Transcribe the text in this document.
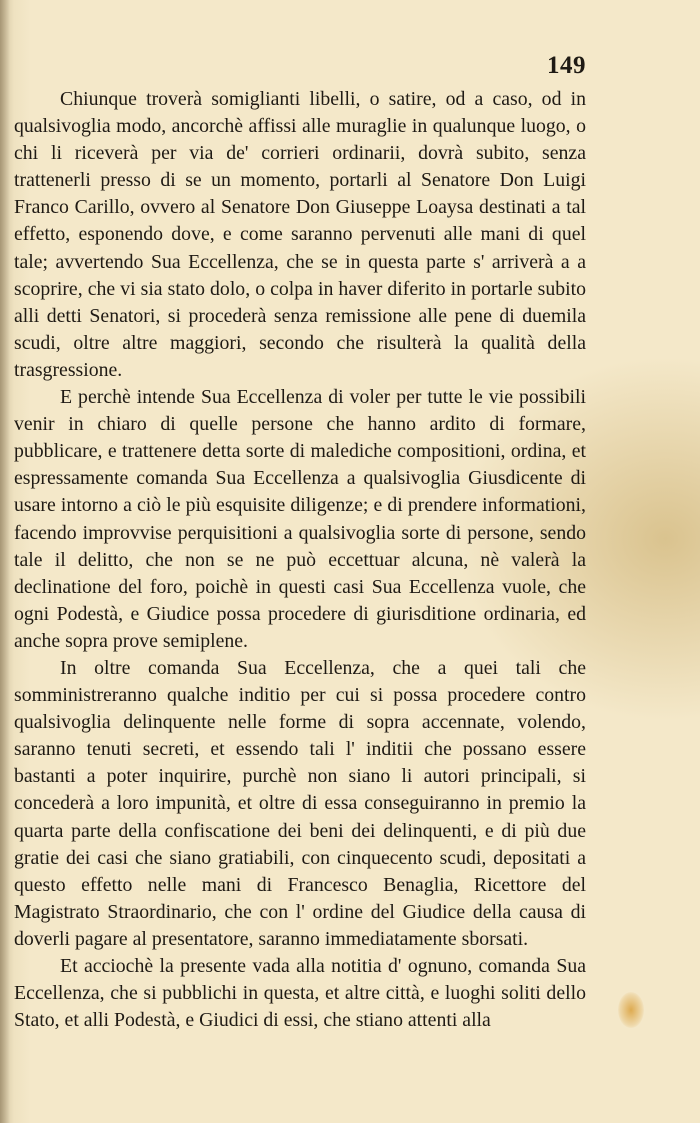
149

Chiunque troverà somiglianti libelli, o satire, od a caso, od in qualsivoglia modo, ancorchè affissi alle muraglie in qualunque luogo, o chi li riceverà per via de' corrieri ordinarii, dovrà subito, senza trattenerli presso di se un momento, portarli al Senatore Don Luigi Franco Carillo, ovvero al Senatore Don Giuseppe Loaysa destinati a tal effetto, esponendo dove, e come saranno pervenuti alle mani di quel tale; avvertendo Sua Eccellenza, che se in questa parte s' arriverà a a scoprire, che vi sia stato dolo, o colpa in haver diferito in portarle subito alli detti Senatori, si procederà senza remissione alle pene di duemila scudi, oltre altre maggiori, secondo che risulterà la qualità della trasgressione.

E perchè intende Sua Eccellenza di voler per tutte le vie possibili venir in chiaro di quelle persone che hanno ardito di formare, pubblicare, e trattenere detta sorte di malediche compositioni, ordina, et espressamente comanda Sua Eccellenza a qualsivoglia Giusdicente di usare intorno a ciò le più esquisite diligenze; e di prendere informationi, facendo improvvise perquisitioni a qualsivoglia sorte di persone, sendo tale il delitto, che non se ne può eccettuar alcuna, nè valerà la declinatione del foro, poichè in questi casi Sua Eccellenza vuole, che ogni Podestà, e Giudice possa procedere di giurisditione ordinaria, ed anche sopra prove semiplene.

In oltre comanda Sua Eccellenza, che a quei tali che somministreranno qualche inditio per cui si possa procedere contro qualsivoglia delinquente nelle forme di sopra accennate, volendo, saranno tenuti secreti, et essendo tali l' inditii che possano essere bastanti a poter inquirire, purchè non siano li autori principali, si concederà a loro impunità, et oltre di essa conseguiranno in premio la quarta parte della confiscatione dei beni dei delinquenti, e di più due gratie dei casi che siano gratiabili, con cinquecento scudi, depositati a questo effetto nelle mani di Francesco Benaglia, Ricettore del Magistrato Straordinario, che con l' ordine del Giudice della causa di doverli pagare al presentatore, saranno immediatamente sborsati.

Et acciochè la presente vada alla notitia d' ognuno, comanda Sua Eccellenza, che si pubblichi in questa, et altre città, e luoghi soliti dello Stato, et alli Podestà, e Giudici di essi, che stiano attenti alla
